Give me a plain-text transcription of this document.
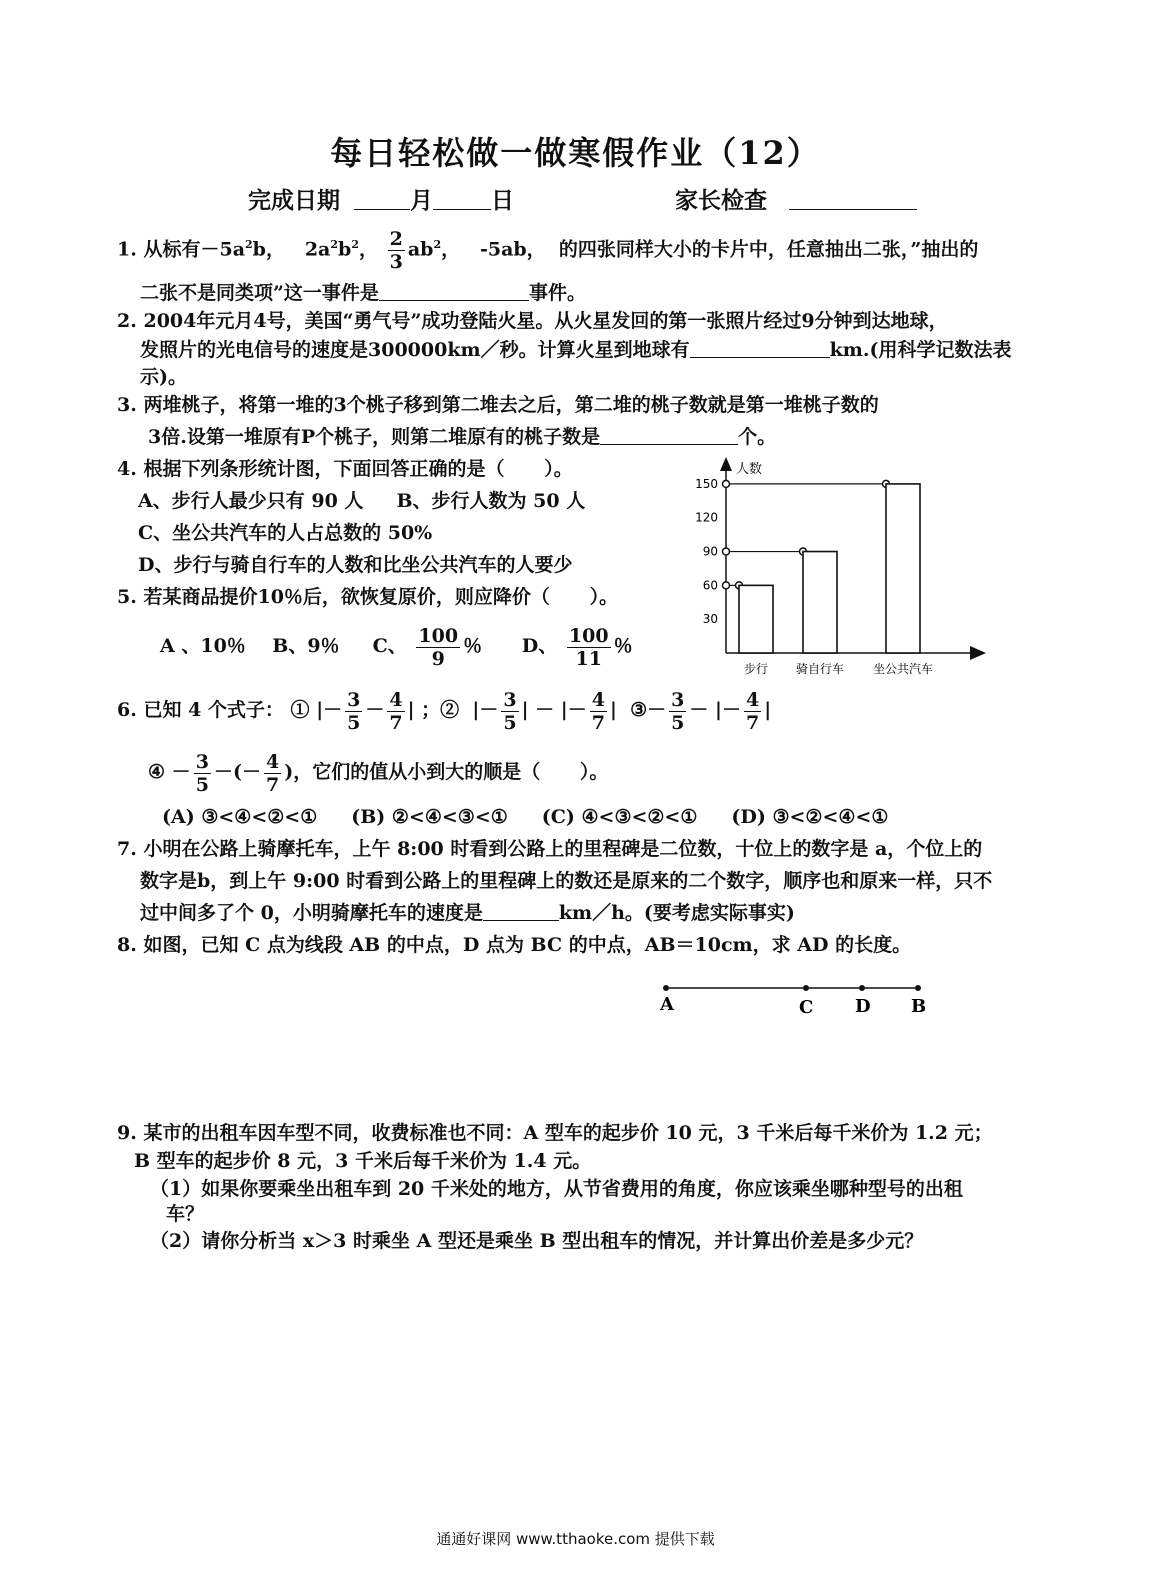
每日轻松做一做寒假作业（12）
完成日期	月	日	家长检查
1. 从标有$-5a^2b$， $2a^2b^2$， $\frac{2}{3} ab^2$， -5ab， 的四张同样大小的卡片中，任意抽出二张，”抽出的
二张不是同类项”这一事件是	事件。
2. 2004年元月4号，美国“勇气号”成功登陆火星。从火星发回的第一张照片经过9分钟到达地球，
发照片的光电信号的速度是300000km／秒。计算火星到地球有	km.(用科学记数法表
示)。
3. 两堆桃子，将第一堆的3个桃子移到第二堆去之后，第二堆的桃子数就是第一堆桃子数的
3倍.设第一堆原有P个桃子，则第二堆原有的桃子数是	个。
4. 根据下列条形统计图，下面回答正确的是（ ）。
A、步行人最少只有 90 人 B、步行人数为 50 人
C、坐公共汽车的人占总数的 50%
D、步行与骑自行车的人数和比坐公共汽车的人要少
人数
30
60
90
120
150
步行 骑自行车 坐公共汽车
5. 若某商品提价10％后，欲恢复原价，则应降价（ ）。
A 、10％ B、9％ C、 $\frac{100}{9}$ ％ D、 $\frac{100}{11}$ ％
6. 已知 4 个式子： ① |－ $\frac{3}{5} - \frac{4}{7}$ | ；② |－ $\frac{3}{5}$ | － |－ $\frac{4}{7}$ | ③－ $\frac{3}{5}$ － |－ $\frac{4}{7}$ |
④ － $\frac{3}{5}$ －(－ $\frac{4}{7}$ )，它们的值从小到大的顺是（ ）。
(A) ③<④<②<① (B) ②<④<③<① (C) ④<③<②<① (D) ③<②<④<①
7. 小明在公路上骑摩托车，上午 8:00 时看到公路上的里程碑是二位数，十位上的数字是 a，个位上的
数字是b，到上午 9:00 时看到公路上的里程碑上的数还是原来的二个数字，顺序也和原来一样，只不
过中间多了个 0，小明骑摩托车的速度是	km／h。(要考虑实际事实)
8. 如图，已知 C 点为线段 AB 的中点，D 点为 BC 的中点，AB＝10cm，求 AD 的长度。
A	C D B
9. 某市的出租车因车型不同，收费标准也不同：A 型车的起步价 10 元，3 千米后每千米价为 1.2 元；
B 型车的起步价 8 元，3 千米后每千米价为 1.4 元。
（1）如果你要乘坐出租车到 20 千米处的地方，从节省费用的角度，你应该乘坐哪种型号的出租
车？
（2）请你分析当 x＞3 时乘坐 A 型还是乘坐 B 型出租车的情况，并计算出价差是多少元？
通通好课网 www.tthaoke.com 提供下载
